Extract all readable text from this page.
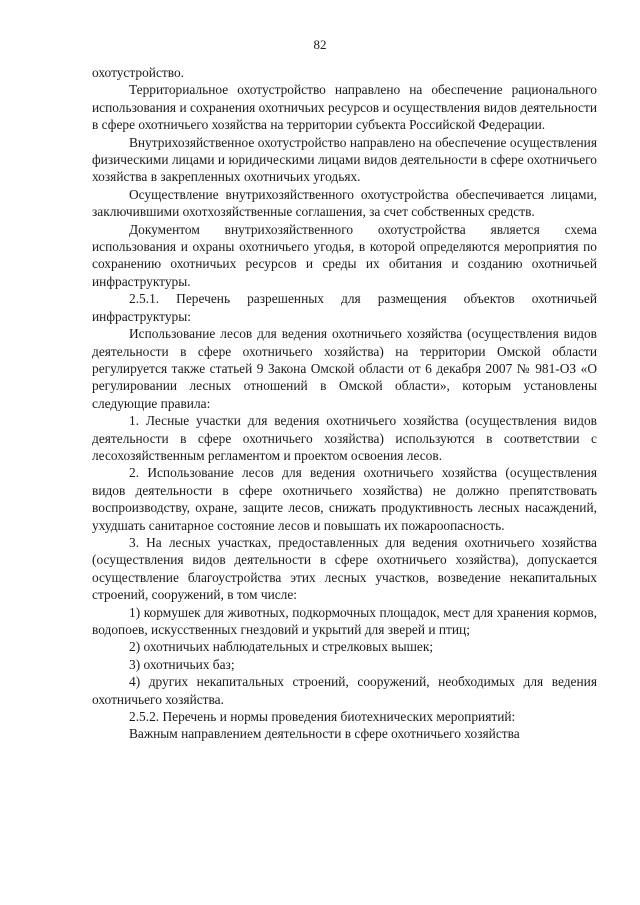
82

охотустройство.

Территориальное охотустройство направлено на обеспечение рационального использования и сохранения охотничьих ресурсов и осуществления видов деятельности в сфере охотничьего хозяйства на территории субъекта Российской Федерации.

Внутрихозяйственное охотустройство направлено на обеспечение осуществления физическими лицами и юридическими лицами видов деятельности в сфере охотничьего хозяйства в закрепленных охотничьих угодьях.

Осуществление внутрихозяйственного охотустройства обеспечивается лицами, заключившими охотхозяйственные соглашения, за счет собственных средств.

Документом внутрихозяйственного охотустройства является схема использования и охраны охотничьего угодья, в которой определяются мероприятия по сохранению охотничьих ресурсов и среды их обитания и созданию охотничьей инфраструктуры.

2.5.1. Перечень разрешенных для размещения объектов охотничьей инфраструктуры:

Использование лесов для ведения охотничьего хозяйства (осуществления видов деятельности в сфере охотничьего хозяйства) на территории Омской области регулируется также статьей 9 Закона Омской области от 6 декабря 2007 № 981-ОЗ «О регулировании лесных отношений в Омской области», которым установлены следующие правила:

1. Лесные участки для ведения охотничьего хозяйства (осуществления видов деятельности в сфере охотничьего хозяйства) используются в соответствии с лесохозяйственным регламентом и проектом освоения лесов.

2. Использование лесов для ведения охотничьего хозяйства (осуществления видов деятельности в сфере охотничьего хозяйства) не должно препятствовать воспроизводству, охране, защите лесов, снижать продуктивность лесных насаждений, ухудшать санитарное состояние лесов и повышать их пожароопасность.

3. На лесных участках, предоставленных для ведения охотничьего хозяйства (осуществления видов деятельности в сфере охотничьего хозяйства), допускается осуществление благоустройства этих лесных участков, возведение некапитальных строений, сооружений, в том числе:

1) кормушек для животных, подкормочных площадок, мест для хранения кормов, водопоев, искусственных гнездовий и укрытий для зверей и птиц;

2) охотничьих наблюдательных и стрелковых вышек;

3) охотничьих баз;

4) других некапитальных строений, сооружений, необходимых для ведения охотничьего хозяйства.

2.5.2. Перечень и нормы проведения биотехнических мероприятий:

Важным направлением деятельности в сфере охотничьего хозяйства
